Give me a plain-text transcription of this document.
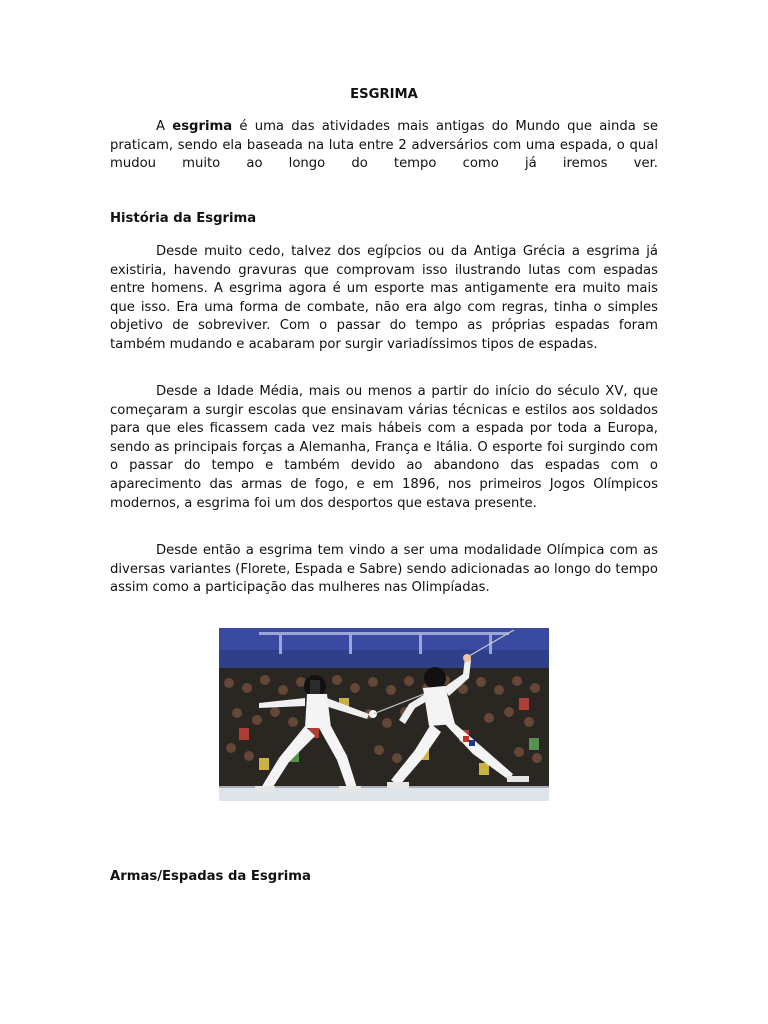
ESGRIMA

A esgrima é uma das atividades mais antigas do Mundo que ainda se praticam, sendo ela baseada na luta entre 2 adversários com uma espada, o qual mudou muito ao longo do tempo como já iremos ver.

História da Esgrima

Desde muito cedo, talvez dos egípcios ou da Antiga Grécia a esgrima já existiria, havendo gravuras que comprovam isso ilustrando lutas com espadas entre homens. A esgrima agora é um esporte mas antigamente era muito mais que isso. Era uma forma de combate, não era algo com regras, tinha o simples objetivo de sobreviver. Com o passar do tempo as próprias espadas foram também mudando e acabaram por surgir variadíssimos tipos de espadas.

Desde a Idade Média, mais ou menos a partir do início do século XV, que começaram a surgir escolas que ensinavam várias técnicas e estilos aos soldados para que eles ficassem cada vez mais hábeis com a espada por toda a Europa, sendo as principais forças a Alemanha, França e Itália. O esporte foi surgindo com o passar do tempo e também devido ao abandono das espadas com o aparecimento das armas de fogo, e em 1896, nos primeiros Jogos Olímpicos modernos, a esgrima foi um dos desportos que estava presente.

Desde então a esgrima tem vindo a ser uma modalidade Olímpica com as diversas variantes (Florete, Espada e Sabre) sendo adicionadas ao longo do tempo assim como a participação das mulheres nas Olimpíadas.

Armas/Espadas da Esgrima
